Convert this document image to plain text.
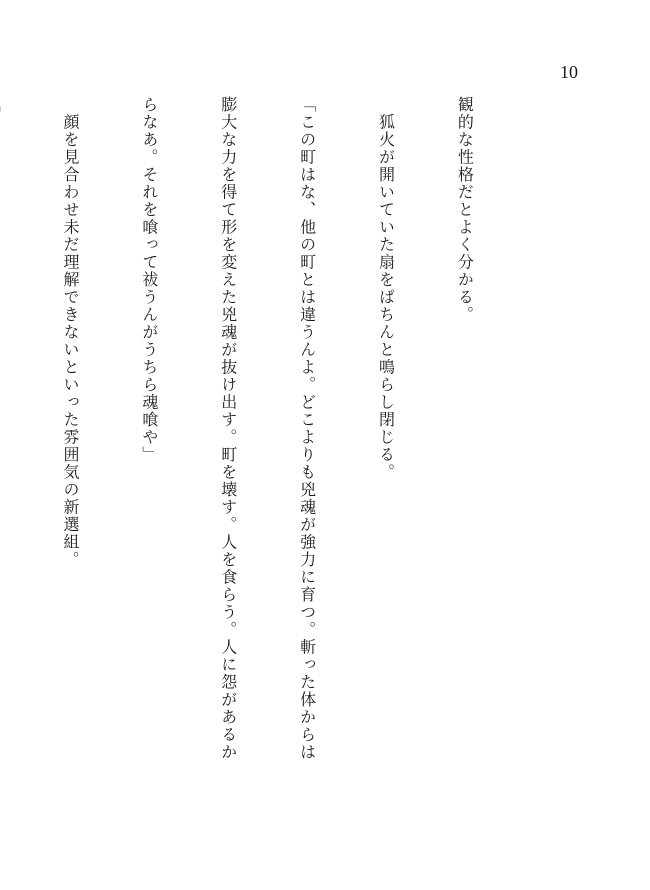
10

観的な性格だとよく分かる。

　狐火が開いていた扇をぱちんと鳴らし閉じる。

「この町はな、他の町とは違うんよ。どこよりも兇魂が強力に育つ。斬った体からは

膨大な力を得て形を変えた兇魂が抜け出す。町を壊す。人を食らう。人に怨があるか

らなあ。それを喰って祓うんがうちら魂喰や」

　顔を見合わせ未だ理解できないといった雰囲気の新選組。
